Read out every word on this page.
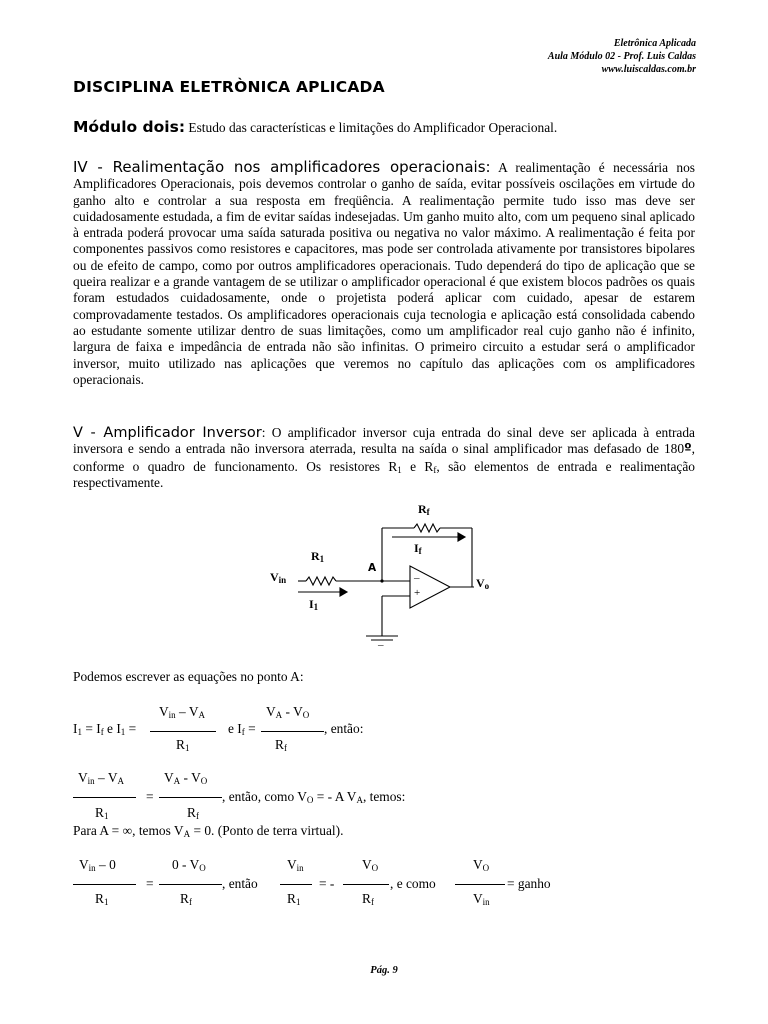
Eletrônica Aplicada
Aula Módulo 02 - Prof. Luis Caldas
www.luiscaldas.com.br
DISCIPLINA ELETRÒNICA APLICADA
Módulo dois: Estudo das características e limitações do Amplificador Operacional.
IV - Realimentação nos amplificadores operacionais: A realimentação é necessária nos Amplificadores Operacionais, pois devemos controlar o ganho de saída, evitar possíveis oscilações em virtude do ganho alto e controlar a sua resposta em freqüência. A realimentação permite tudo isso mas deve ser cuidadosamente estudada, a fim de evitar saídas indesejadas. Um ganho muito alto, com um pequeno sinal aplicado à entrada poderá provocar uma saída saturada positiva ou negativa no valor máximo. A realimentação é feita por componentes passivos como resistores e capacitores, mas pode ser controlada ativamente por transistores bipolares ou de efeito de campo, como por outros amplificadores operacionais. Tudo dependerá do tipo de aplicação que se queira realizar e a grande vantagem de se utilizar o amplificador operacional é que existem blocos padrões os quais foram estudados cuidadosamente, onde o projetista poderá aplicar com cuidado, apesar de estarem comprovadamente testados. Os amplificadores operacionais cuja tecnologia e aplicação está consolidada cabendo ao estudante somente utilizar dentro de suas limitações, como um amplificador real cujo ganho não é infinito, largura de faixa e impedância de entrada não são infinitas. O primeiro circuito a estudar será o amplificador inversor, muito utilizado nas aplicações que veremos no capítulo das aplicações com os amplificadores operacionais.
V - Amplificador Inversor: O amplificador inversor cuja entrada do sinal deve ser aplicada à entrada inversora e sendo a entrada não inversora aterrada, resulta na saída o sinal amplificador mas defasado de 180º, conforme o quadro de funcionamento. Os resistores $R_1$ e $R_f$, são elementos de entrada e realimentação respectivamente.
$R_f$
$I_f$
$R_1$
A
$V_{in}$
$I_1$
$V_o$
–
+
–
Podemos escrever as equações no ponto A:
$V_{in} - V_A$
$I_1 = I_f$ e $I_1$ =
$R_1$
e $I_f$ =
$V_A - V_O$
, então:
$R_f$
$V_{in} - V_A$
$R_1$
=
$V_A - V_O$
$R_f$
, então, como $V_O$ = - A $V_A$, temos:
Para A = ∞, temos $V_A = 0$. (Ponto de terra virtual).
$V_{in} - 0$
$R_1$
=
$0 - V_O$
$R_f$
, então
$V_{in}$
$R_1$
= -
$V_O$
$R_f$
, e como
$V_O$
$V_{in}$
= ganho
Pág. 9
